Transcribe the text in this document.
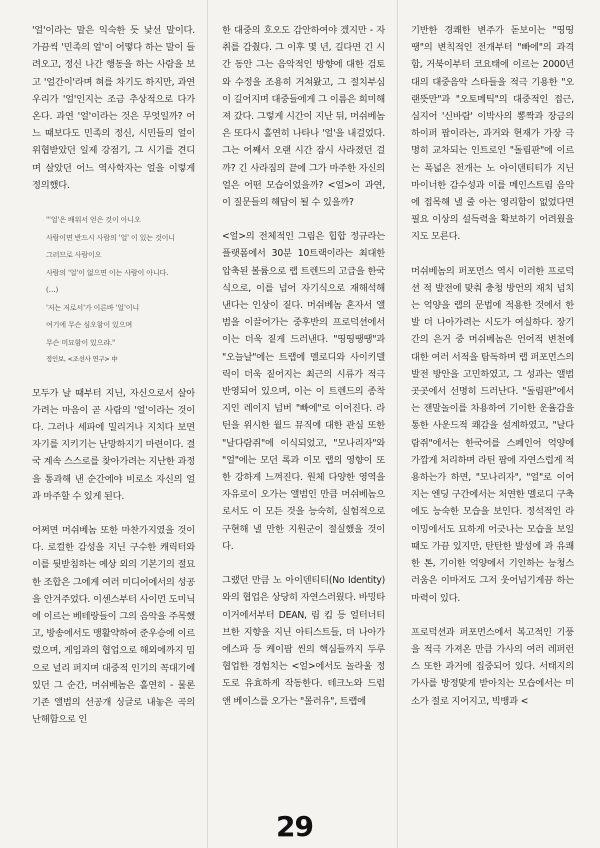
'얼'이라는 말은 익숙한 듯 낯선 말이다. 가끔씩 '민족의 얼'이 어떻다 하는 말이 들려오고, 정신 나간 행동을 하는 사람을 보고 '얼간이'라며 혀를 차기도 하지만, 과연 우리가 '얼'인지는 조금 추상적으로 다가온다. 과연 '얼'이라는 것은 무엇일까? 어느 때보다도 민족의 정신, 시민들의 얼이 위협받았던 일제 강점기, 그 시기를 견디며 살았던 어느 역사학자는 얼을 이렇게 정의했다.

"'얼'은 배워서 얻은 것이 아니오
사람이면 반드시 사람의 '얼' 이 있는 것이니
그러므로 사람이오
사람의 '얼'이 없으면 이는 사람이 아니다.
(…)
'저는 저로서'가 이른바 '얼'이니
여기에 무슨 심오함이 있으며
무슨 미묘함이 있으랴."
정인보, <조선사 연구> 中

모두가 날 때부터 지닌, 자신으로서 살아가려는 마음이 곧 사람의 '얼'이라는 것이다. 그러나 세파에 밀리거나 지치다 보면 자기를 지키기는 난망하지기 마련이다. 결국 계속 스스로를 찾아가려는 지난한 과정을 통과해 낸 순간에야 비로소 자신의 얼과 마주할 수 있게 된다.

어쩌면 머쉬베놈 또한 마찬가지였을 것이다. 로컬한 감성을 지닌 구수한 캐릭터와 이를 뒷받침하는 예상 외의 기본기의 절묘한 조합은 그에게 여러 미디어에서의 성공을 안겨주었다. 이센스부터 사이먼 도미닉에 이르는 베테랑들이 그의 음악을 주목했고, 방송에서도 맹활약하여 준우승에 이르렀으며, 게임과의 협업으로 해외에까지 밈으로 널리 퍼지며 대중적 인기의 꼭대기에 있던 그 순간, 머쉬베놈은 홀연히 - 물론 기존 앨범의 선공개 싱글로 내놓은 곡의 난해함으로 인

한 대중의 호오도 감안하여야 겠지만 - 자취를 감췄다. 그 이후 몇 년, 길다면 긴 시간 동안 그는 음악적인 방향에 대한 검토와 수정을 조용히 거쳐왔고, 그 절치부심이 길어지며 대중들에게 그 이름은 희미해져 갔다. 그렇게 시간이 지난 뒤, 머쉬베놈은 또다시 홀연히 나타나 '얼'을 내걸었다. 그는 어째서 오랜 시간 잠시 사라졌던 걸까? 긴 사라짐의 끝에 그가 마주한 자신의 얼은 어떤 모습이었을까? <얼>이 과연, 이 질문들의 해답이 될 수 있을까?

<얼>의 전체적인 그림은 힙합 정규라는 플랫폼에서 30분 10트랙이라는 최대한 압축된 볼륨으로 랩 트렌드의 고급을 한국식으로, 이를 넘어 자기식으로 재해석해 낸다는 인상이 짙다. 머쉬베놈 혼자서 앨범을 이끌어가는 중후반의 프로덕션에서 이는 더욱 짙게 드러낸다. "띵띵땡땡"과 "오늘날"에는 트랩에 멜로디와 사이키델릭이 더욱 짙어지는 최근의 시류가 적극 반영되어 있으며, 이는 이 트렌드의 종착지인 레이지 넘버 "빠에"로 이어진다. 라틴을 위시한 월드 뮤직에 대한 관심 또한 "날다람쥐"에 이식되었고, "모나리자"와 "얼"에는 모던 록과 이모 랩의 영향이 또한 강하게 느껴진다. 원체 다양한 영역을 자유로이 오가는 앨범인 만큼 머쉬베놈으로서도 이 모든 것을 능숙히, 실험적으로 구현해 낼 만한 지원군이 절실했을 것이다.

그랬던 만큼 노 아이덴티티(No Identity)와의 협업은 상당히 자연스러웠다. 바밍타이거에서부터 DEAN, 림 킴 등 얼터너티브한 지향을 지닌 아티스트들, 더 나아가 에스파 등 케이팝 씬의 핵심들까지 두루 협업한 경험치는 <얼>에서도 놀라울 정도로 유효하게 작동한다. 테크노와 드럼 앤 베이스를 오가는 "몰러유", 트랩에

기반한 경쾌한 변주가 돋보이는 "띵띵땡"의 변칙적인 전개부터 "빠에"의 과격함, 거북이부터 코요태에 이르는 2000년대의 대중음악 스타들을 적극 기용한 "오랜뜻만"과 "오토메틱"의 대중적인 접근, 심지어 '신바람' 이박사의 뽕짝과 장금의 하이퍼 팝이라는, 과거와 현재가 가장 극명히 교차되는 인트로인 "돌림판"에 이르는 폭넓은 전개는 노 아이덴티티가 지닌 마이너한 감수성과 이를 메인스트림 음악에 접목해 낼 줄 아는 영리함이 없었다면 필요 이상의 설득력을 확보하기 어려웠을지도 모른다.

머쉬베놈의 퍼포먼스 역시 이러한 프로덕션 적 발전에 맞춰 충청 방언의 재치 넘치는 억양을 랩의 문법에 적용한 것에서 한발 더 나아가려는 시도가 여실하다. 장기간의 은거 중 머쉬베놈은 언어적 변천에 대한 여러 서적을 탐독하며 랩 퍼포먼스의 발전 방안을 고민하였고, 그 성과는 앨범 곳곳에서 선명히 드러난다. "돌림판"에서는 잰말놀이를 차용하여 기이한 운율감을 통한 사운드적 쾌감을 설계하였고, "날다람쥐"에서는 한국어를 스페인어 억양에 가깝게 처리하며 라틴 팝에 자연스럽게 적용하는가 하면, "모나리자", "얼"로 이어지는 엔딩 구간에서는 처연한 멜로디 구축에도 능숙한 모습을 보인다. 정석적인 라이밍에서도 묘하게 어긋나는 모습을 보일 때도 가끔 있지만, 탄탄한 발성에 과 유쾌한 톤, 기이한 억양에서 기인하는 능청스러움은 이마저도 그저 웃어넘기게끔 하는 마력이 있다.

프로덕션과 퍼포먼스에서 복고적인 기풍을 적극 가져온 만큼 가사의 여러 레퍼런스 또한 과거에 집중되어 있다. 서태지의 가사를 방정맞게 받아치는 모습에서는 미소가 절로 지어지고, 빅뱅과 <

29
